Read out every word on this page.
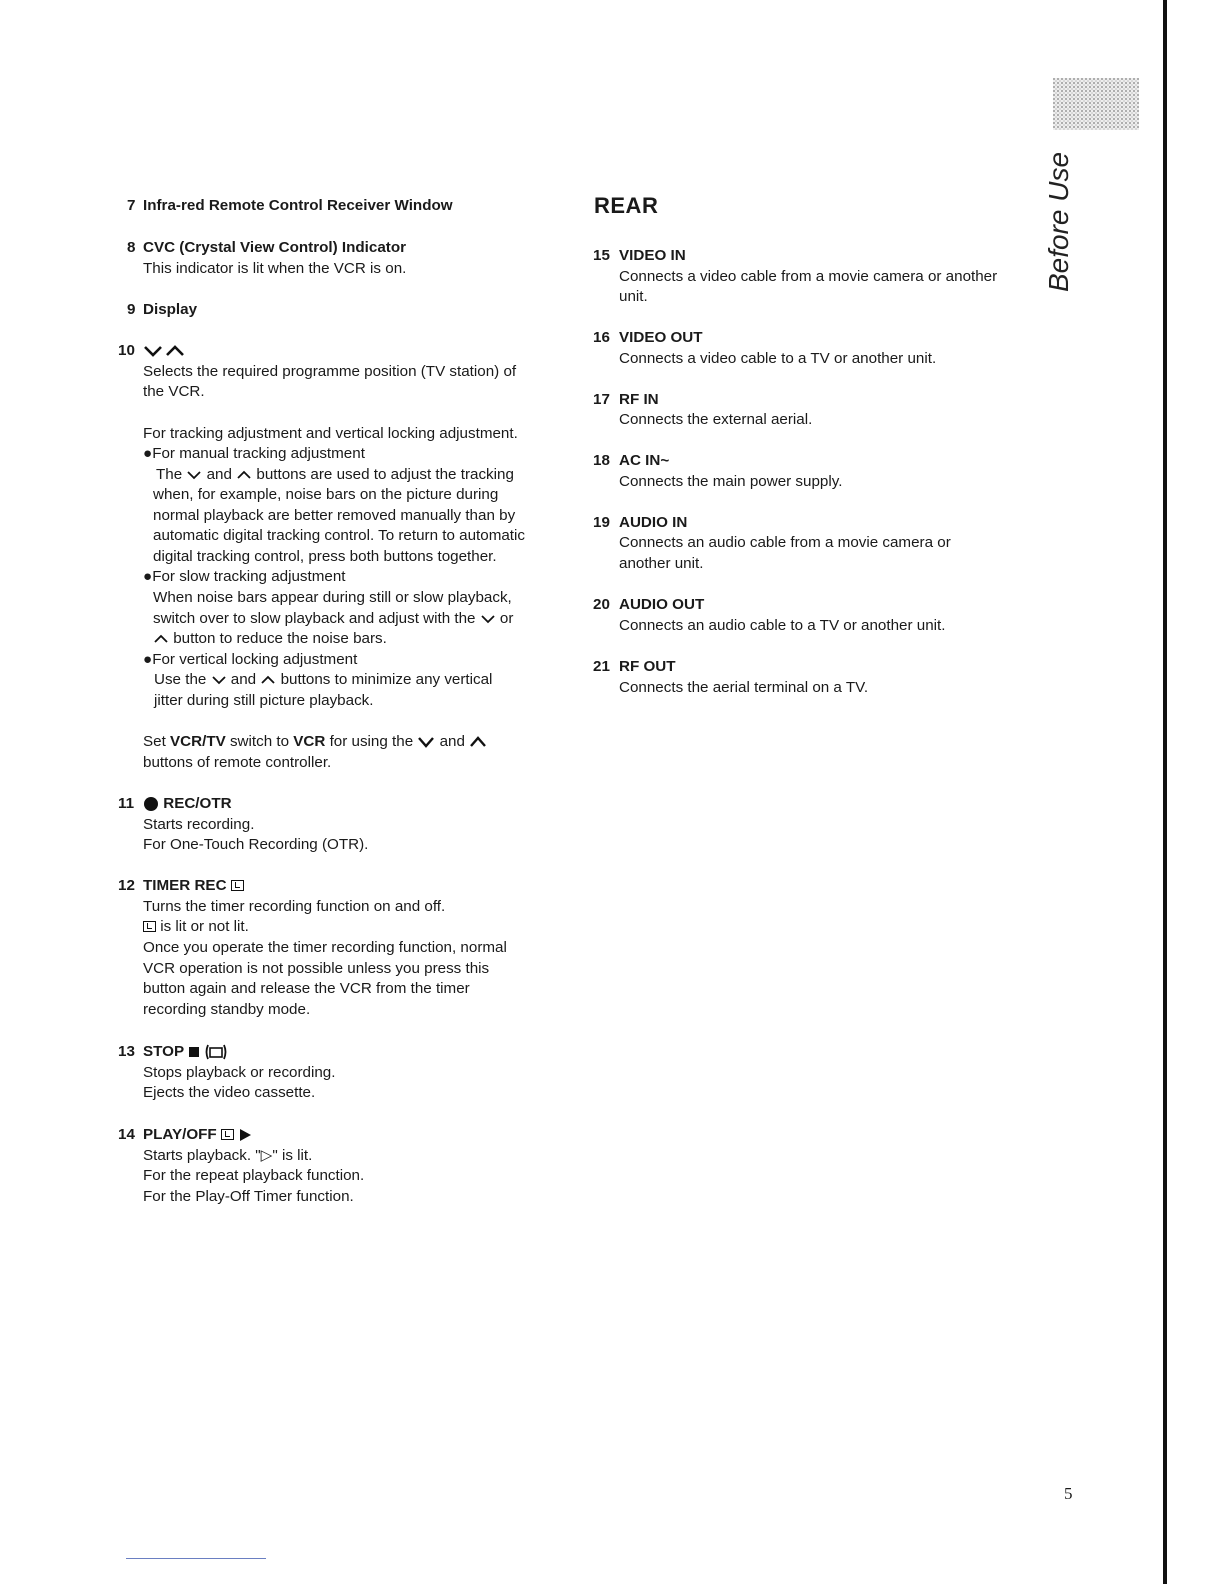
Before Use
5
7 Infra-red Remote Control Receiver Window
8 CVC (Crystal View Control) Indicator
This indicator is lit when the VCR is on.
9 Display
10
Selects the required programme position (TV station) of
the VCR.
For tracking adjustment and vertical locking adjustment.
●For manual tracking adjustment
The  and  buttons are used to adjust the tracking
when, for example, noise bars on the picture during
normal playback are better removed manually than by
automatic digital tracking control. To return to automatic
digital tracking control, press both buttons together.
●For slow tracking adjustment
When noise bars appear during still or slow playback,
switch over to slow playback and adjust with the  or
button to reduce the noise bars.
●For vertical locking adjustment
Use the  and  buttons to minimize any vertical
jitter during still picture playback.
Set VCR/TV switch to VCR for using the  and
buttons of remote controller.
11	REC/OTR
Starts recording.
For One-Touch Recording (OTR).
12 TIMER REC
Turns the timer recording function on and off.
is lit or not lit.
Once you operate the timer recording function, normal
VCR operation is not possible unless you press this
button again and release the VCR from the timer
recording standby mode.
13 STOP
Stops playback or recording.
Ejects the video cassette.
14 PLAY/OFF
Starts playback. "▷" is lit.
For the repeat playback function.
For the Play-Off Timer function.
REAR
15 VIDEO IN
Connects a video cable from a movie camera or another
unit.
16 VIDEO OUT
Connects a video cable to a TV or another unit.
17 RF IN
Connects the external aerial.
18 AC IN~
Connects the main power supply.
19 AUDIO IN
Connects an audio cable from a movie camera or
another unit.
20 AUDIO OUT
Connects an audio cable to a TV or another unit.
21 RF OUT
Connects the aerial terminal on a TV.
